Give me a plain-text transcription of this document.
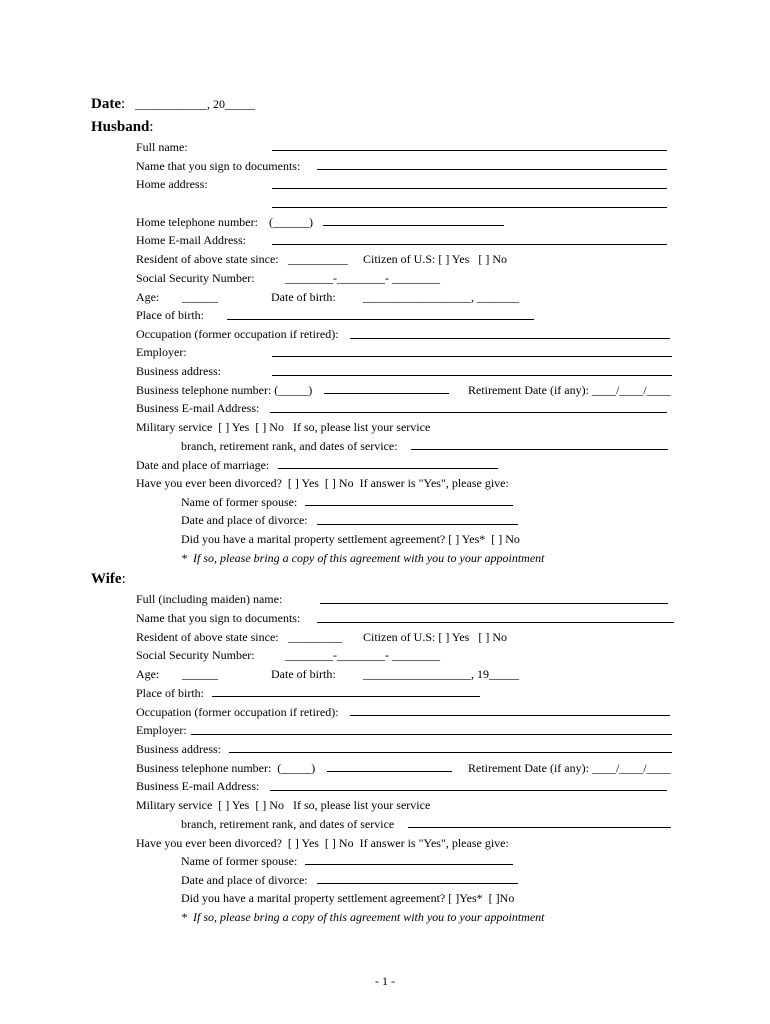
Date: ____________, 20_____
Husband:
Full name:
Name that you sign to documents:
Home address:
Home telephone number: (______)
Home E-mail Address:
Resident of above state since: __________ Citizen of U.S: [ ] Yes   [ ] No
Social Security Number:	________-________- ________
Age: ______	Date of birth: __________________, _______
Place of birth:
Occupation (former occupation if retired):
Employer:
Business address:
Business telephone number: (_____)	Retirement Date (if any): ____/____/____
Business E-mail Address:
Military service  [ ] Yes  [ ] No   If so, please list your service
branch, retirement rank, and dates of service:
Date and place of marriage:
Have you ever been divorced?  [ ] Yes  [ ] No  If answer is "Yes", please give:
Name of former spouse:
Date and place of divorce:
Did you have a marital property settlement agreement? [ ] Yes*  [ ] No
*  If so, please bring a copy of this agreement with you to your appointment
Wife:
Full (including maiden) name:
Name that you sign to documents:
Resident of above state since: _________ Citizen of U.S: [ ] Yes   [ ] No
Social Security Number:	________-________- ________
Age: ______	Date of birth: __________________, 19_____
Place of birth:
Occupation (former occupation if retired):
Employer:
Business address:
Business telephone number:  (_____)	Retirement Date (if any): ____/____/____
Business E-mail Address:
Military service  [ ] Yes  [ ] No   If so, please list your service
branch, retirement rank, and dates of service
Have you ever been divorced?  [ ] Yes  [ ] No  If answer is "Yes", please give:
Name of former spouse:
Date and place of divorce:
Did you have a marital property settlement agreement? [ ]Yes*  [ ]No
*  If so, please bring a copy of this agreement with you to your appointment
- 1 -
